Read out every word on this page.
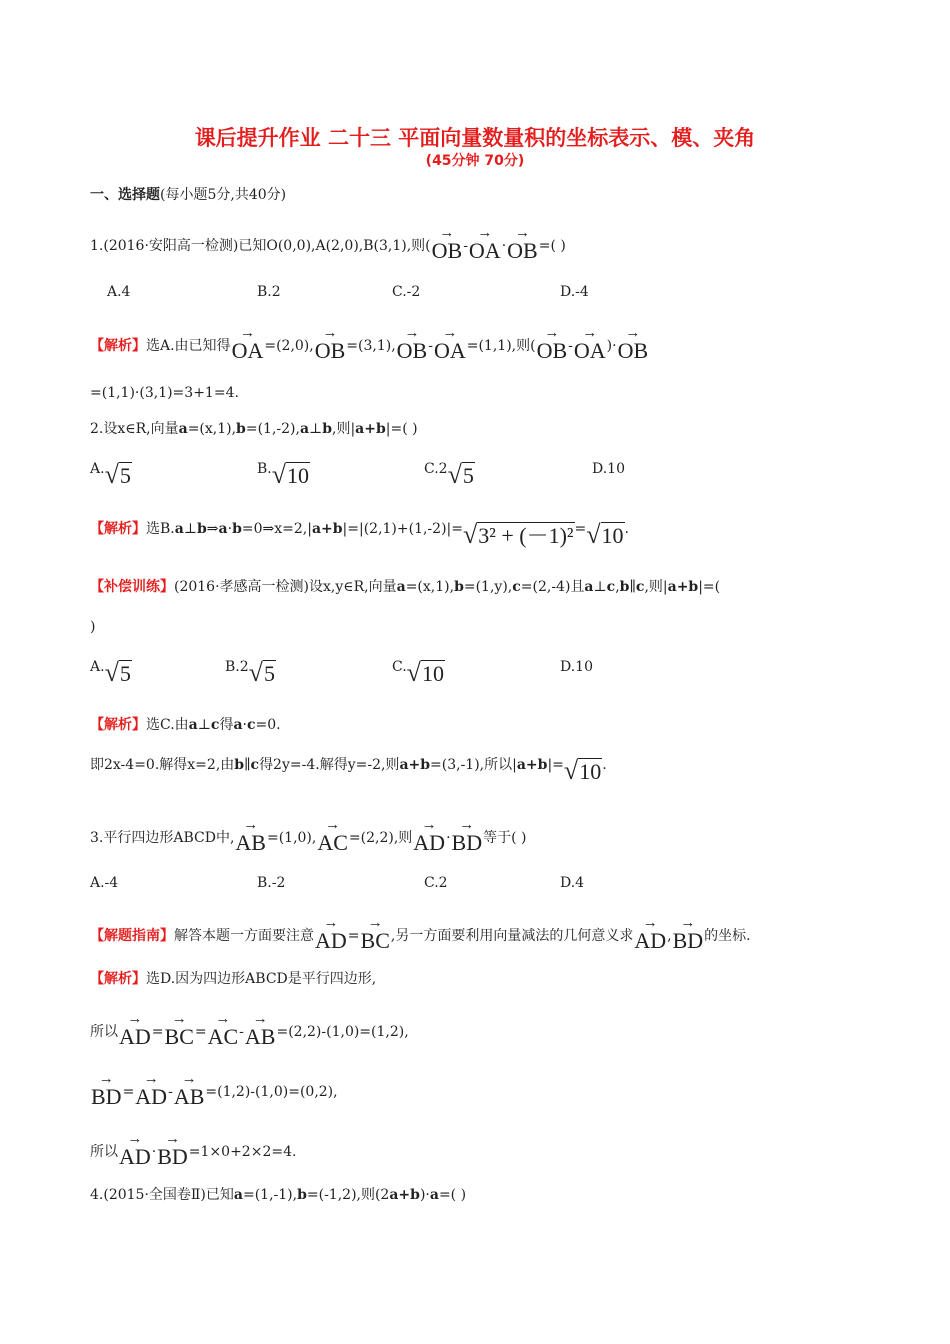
课后提升作业 二十三 平面向量数量积的坐标表示、模、夹角
(45分钟 70分)
一、选择题(每小题5分,共40分)
1.(2016·安阳高一检测)已知O(0,0),A(2,0),B(3,1),则(
→
OB-
→
OA·
→
OB=( )
A.4	B.2	C.-2	D.-4
【解析】选A.由已知得
→
OA=(2,0),
→
OB=(3,1),
→
OB-
→
OA=(1,1),则(
→
OB-
→
OA)·
→
OB
=(1,1)·(3,1)=3+1=4.
2.设x∈R,向量a=(x,1),b=(1,-2),a⊥b,则|a+b|=( )
A.√5	B.√10	C.2√5	D.10
【解析】选B.a⊥b⇒a·b=0⇒x=2,|a+b|=|(2,1)+(1,-2)|=√3² + (－1)²=√10.
【补偿训练】(2016·孝感高一检测)设x,y∈R,向量a=(x,1),b=(1,y),c=(2,-4)且a⊥c,b∥c,则|a+b|=(
)
A.√5	B.2√5	C.√10	D.10
【解析】选C.由a⊥c得a·c=0.
即2x-4=0.解得x=2,由b∥c得2y=-4.解得y=-2,则a+b=(3,-1),所以|a+b|=√10.
3.平行四边形ABCD中,
→
AB=(1,0),
→
AC=(2,2),则
→
AD·
→
BD等于( )
A.-4	B.-2	C.2	D.4
【解题指南】解答本题一方面要注意
→
AD=
→
BC,另一方面要利用向量减法的几何意义求
→
AD,
→
BD的坐标.
【解析】选D.因为四边形ABCD是平行四边形,
所以
→
AD=
→
BC=
→
AC-
→
AB=(2,2)-(1,0)=(1,2),
→
BD=
→
AD-
→
AB=(1,2)-(1,0)=(0,2),
所以
→
AD·
→
BD=1×0+2×2=4.
4.(2015·全国卷Ⅱ)已知a=(1,-1),b=(-1,2),则(2a+b)·a=( )
